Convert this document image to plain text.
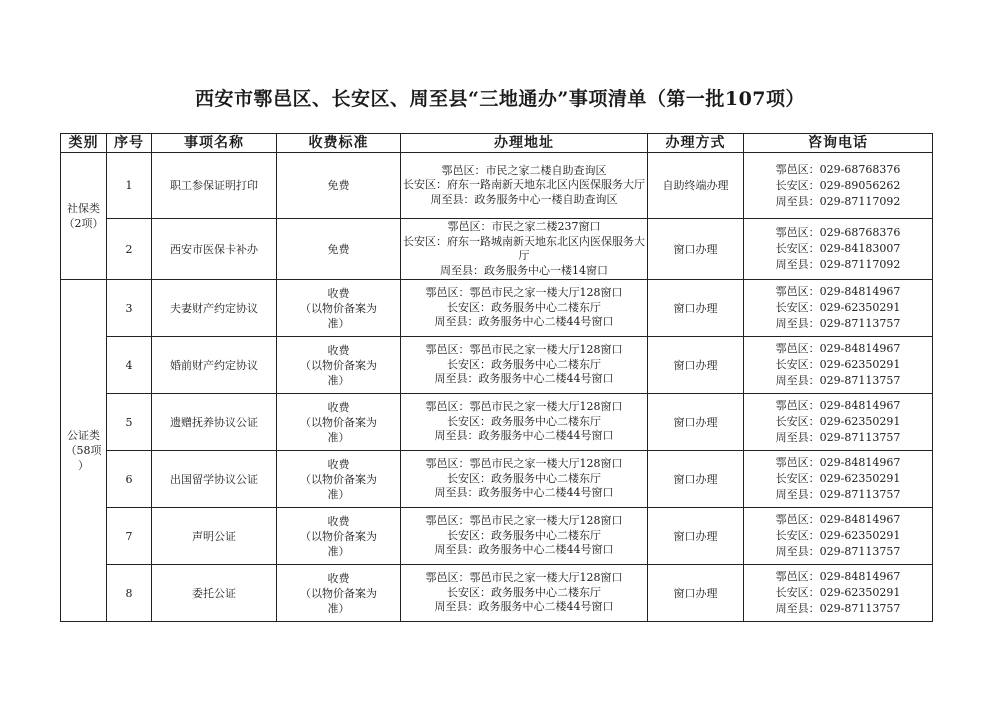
西安市鄠邑区、长安区、周至县“三地通办”事项清单（第一批107项）
类别	序号	事项名称	收费标准	办理地址	办理方式	咨询电话
社保类
（2项）	1	职工参保证明打印	免费	鄠邑区：市民之家二楼自助查询区
长安区：府东一路南新天地东北区内医保服务大厅
周至县：政务服务中心一楼自助查询区	自助终端办理	鄠邑区：029-68768376
长安区：029-89056262
周至县：029-87117092

	2	西安市医保卡补办	免费	鄠邑区：市民之家二楼237窗口
长安区：府东一路城南新天地东北区内医保服务大厅
周至县：政务服务中心一楼14窗口	窗口办理	鄠邑区：029-68768376
长安区：029-84183007
周至县：029-87117092

公证类
（58项
）	3	夫妻财产约定协议	收费
（以物价备案为
准）	鄠邑区：鄠邑市民之家一楼大厅128窗口
长安区：政务服务中心二楼东厅
周至县：政务服务中心二楼44号窗口	窗口办理	鄠邑区：029-84814967
长安区：029-62350291
周至县：029-87113757

	4	婚前财产约定协议	收费
（以物价备案为
准）	鄠邑区：鄠邑市民之家一楼大厅128窗口
长安区：政务服务中心二楼东厅
周至县：政务服务中心二楼44号窗口	窗口办理	鄠邑区：029-84814967
长安区：029-62350291
周至县：029-87113757

	5	遗赠抚养协议公证	收费
（以物价备案为
准）	鄠邑区：鄠邑市民之家一楼大厅128窗口
长安区：政务服务中心二楼东厅
周至县：政务服务中心二楼44号窗口	窗口办理	鄠邑区：029-84814967
长安区：029-62350291
周至县：029-87113757

	6	出国留学协议公证	收费
（以物价备案为
准）	鄠邑区：鄠邑市民之家一楼大厅128窗口
长安区：政务服务中心二楼东厅
周至县：政务服务中心二楼44号窗口	窗口办理	鄠邑区：029-84814967
长安区：029-62350291
周至县：029-87113757

	7	声明公证	收费
（以物价备案为
准）	鄠邑区：鄠邑市民之家一楼大厅128窗口
长安区：政务服务中心二楼东厅
周至县：政务服务中心二楼44号窗口	窗口办理	鄠邑区：029-84814967
长安区：029-62350291
周至县：029-87113757

	8	委托公证	收费
（以物价备案为
准）	鄠邑区：鄠邑市民之家一楼大厅128窗口
长安区：政务服务中心二楼东厅
周至县：政务服务中心二楼44号窗口	窗口办理	鄠邑区：029-84814967
长安区：029-62350291
周至县：029-87113757
